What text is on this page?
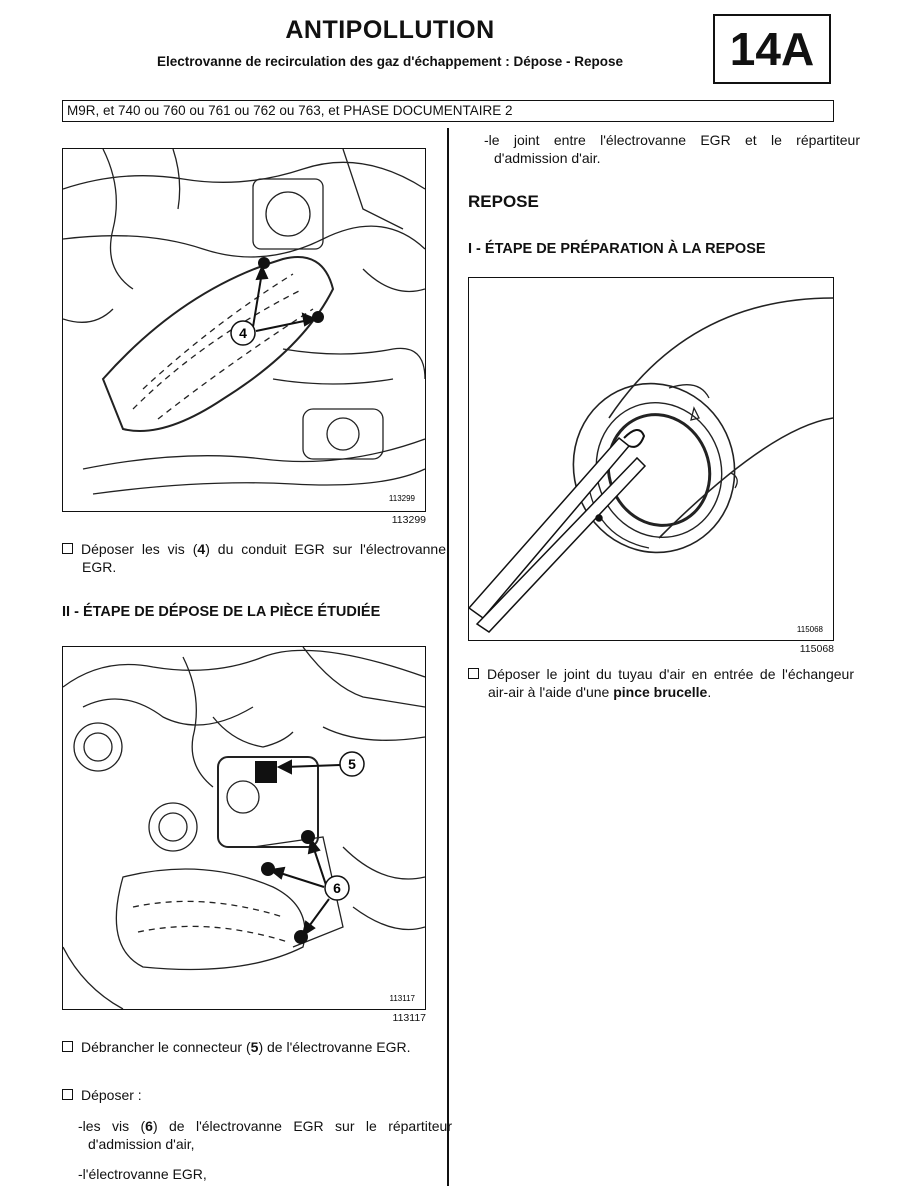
ANTIPOLLUTION
Electrovanne de recirculation des gaz d'échappement : Dépose - Repose	14A
M9R, et 740 ou 760 ou 761 ou 762 ou 763, et PHASE DOCUMENTAIRE 2
4
113299
113299
Déposer les vis (4) du conduit EGR sur l'électrovanne EGR.
II - ÉTAPE DE DÉPOSE DE LA PIÈCE ÉTUDIÉE
5
6
113117
113117
Débrancher le connecteur (5) de l'électrovanne EGR.
Déposer :
-les vis (6) de l'électrovanne EGR sur le répartiteur d'admission d'air,
-l'électrovanne EGR,
-le joint entre l'électrovanne EGR et le répartiteur d'admission d'air.
REPOSE
I - ÉTAPE DE PRÉPARATION À LA REPOSE
115068
115068
Déposer le joint du tuyau d'air en entrée de l'échangeur air-air à l'aide d'une pince brucelle.
